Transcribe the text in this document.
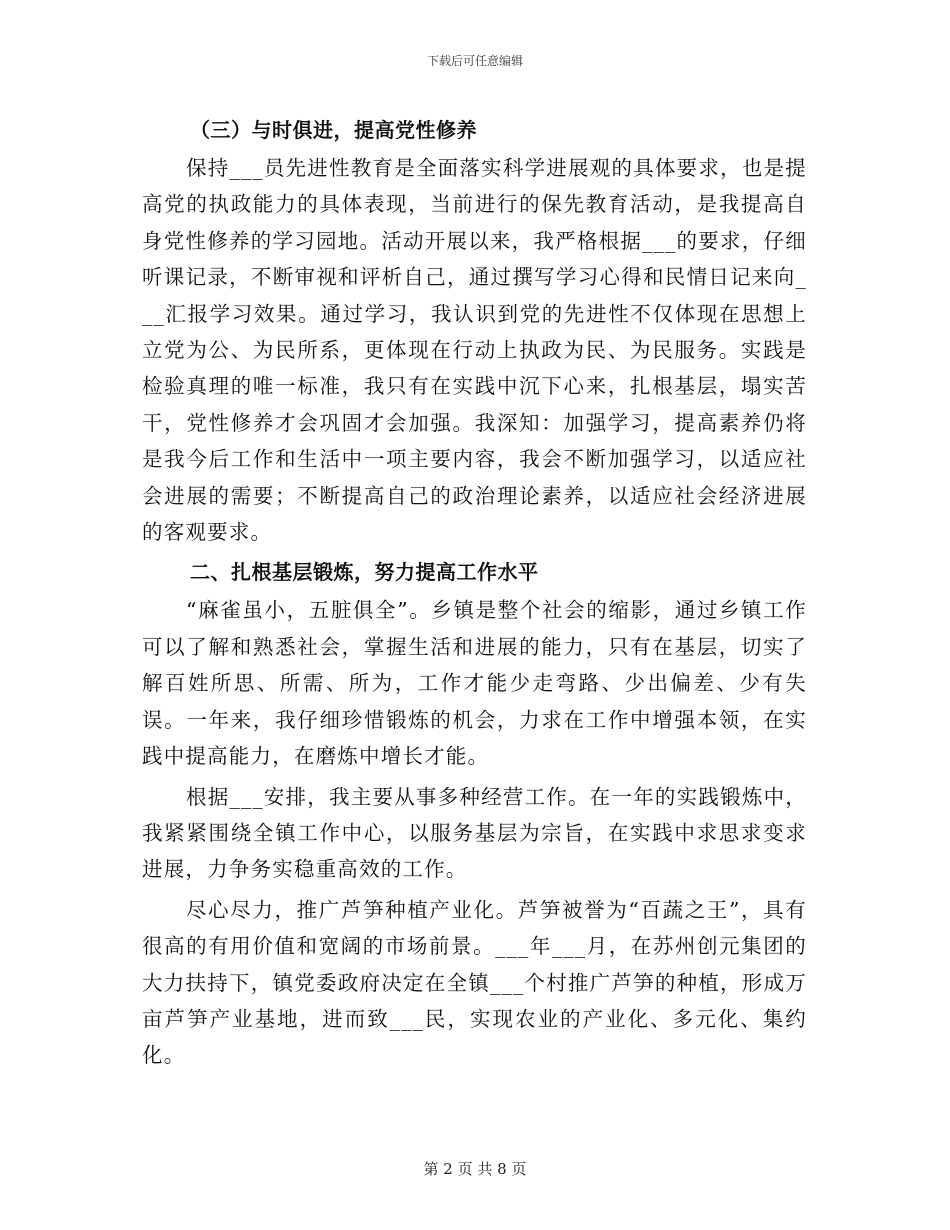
下载后可任意编辑
（三）与时俱进，提高党性修养

保持___员先进性教育是全面落实科学进展观的具体要求，也是提高党的执政能力的具体表现，当前进行的保先教育活动，是我提高自身党性修养的学习园地。活动开展以来，我严格根据___的要求，仔细听课记录，不断审视和评析自己，通过撰写学习心得和民情日记来向___汇报学习效果。通过学习，我认识到党的先进性不仅体现在思想上立党为公、为民所系，更体现在行动上执政为民、为民服务。实践是检验真理的唯一标准，我只有在实践中沉下心来，扎根基层，塌实苦干，党性修养才会巩固才会加强。我深知：加强学习，提高素养仍将是我今后工作和生活中一项主要内容，我会不断加强学习，以适应社会进展的需要；不断提高自己的政治理论素养，以适应社会经济进展的客观要求。

二、扎根基层锻炼，努力提高工作水平

“麻雀虽小，五脏俱全”。乡镇是整个社会的缩影，通过乡镇工作可以了解和熟悉社会，掌握生活和进展的能力，只有在基层，切实了解百姓所思、所需、所为，工作才能少走弯路、少出偏差、少有失误。一年来，我仔细珍惜锻炼的机会，力求在工作中增强本领，在实践中提高能力，在磨炼中增长才能。

根据___安排，我主要从事多种经营工作。在一年的实践锻炼中，我紧紧围绕全镇工作中心，以服务基层为宗旨，在实践中求思求变求进展，力争务实稳重高效的工作。

尽心尽力，推广芦笋种植产业化。芦笋被誉为“百蔬之王”，具有很高的有用价值和宽阔的市场前景。___年___月，在苏州创元集团的大力扶持下，镇党委政府决定在全镇___个村推广芦笋的种植，形成万亩芦笋产业基地，进而致___民，实现农业的产业化、多元化、集约化。

第 2 页 共 8 页
